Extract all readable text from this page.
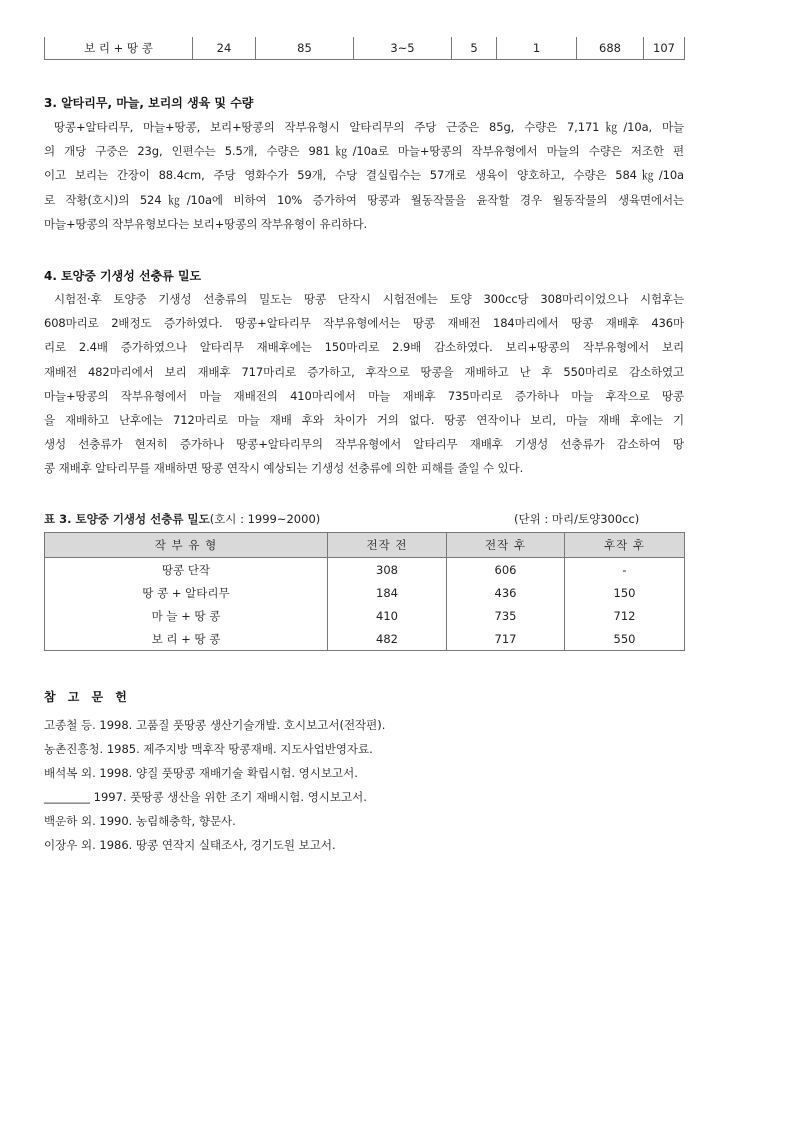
보 리 + 땅 콩	24	85	3~5	5	1	688	107
3. 알타리무, 마늘, 보리의 생육 및 수량
땅콩+알타리무, 마늘+땅콩, 보리+땅콩의 작부유형시 알타리무의 주당 근중은 85g, 수량은 7,171㎏/10a, 마늘
의 개당 구중은 23g, 인편수는 5.5개, 수량은 981㎏/10a로 마늘+땅콩의 작부유형에서 마늘의 수량은 저조한 편
이고 보리는 간장이 88.4cm, 주당 영화수가 59개, 수당 결실립수는 57개로 생육이 양호하고, 수량은 584㎏/10a
로 작황(호시)의 524㎏/10a에 비하여 10% 증가하여 땅콩과 월동작물을 윤작할 경우 월동작물의 생육면에서는
마늘+땅콩의 작부유형보다는 보리+땅콩의 작부유형이 유리하다.
4. 토양중 기생성 선충류 밀도
시험전·후 토양중 기생성 선충류의 밀도는 땅콩 단작시 시험전에는 토양 300cc당 308마리이었으나 시험후는
608마리로 2배정도 증가하였다. 땅콩+알타리무 작부유형에서는 땅콩 재배전 184마리에서 땅콩 재배후 436마
리로 2.4배 증가하였으나 알타리무 재배후에는 150마리로 2.9배 감소하였다. 보리+땅콩의 작부유형에서 보리
재배전 482마리에서 보리 재배후 717마리로 증가하고, 후작으로 땅콩을 재배하고 난 후 550마리로 감소하였고
마늘+땅콩의 작부유형에서 마늘 재배전의 410마리에서 마늘 재배후 735마리로 증가하나 마늘 후작으로 땅콩
을 재배하고 난후에는 712마리로 마늘 재배 후와 차이가 거의 없다. 땅콩 연작이나 보리, 마늘 재배 후에는 기
생성 선충류가 현저히 증가하나 땅콩+알타리무의 작부유형에서 알타리무 재배후 기생성 선충류가 감소하여 땅
콩 재배후 알타리무를 재배하면 땅콩 연작시 예상되는 기생성 선충류에 의한 피해를 줄일 수 있다.
표 3. 토양중 기생성 선충류 밀도(호시 : 1999~2000)	(단위 : 마리/토양300cc)
작 부 유 형	전작 전	전작 후	후작 후
땅콩 단작	308	606	-
땅 콩 + 알타리무	184	436	150
마 늘 + 땅 콩	410	735	712
보 리 + 땅 콩	482	717	550
참 고 문 헌
고종철 등. 1998. 고품질 풋땅콩 생산기술개발. 호시보고서(전작편).
농촌진흥청. 1985. 제주지방 맥후작 땅콩재배. 지도사업반영자료.
배석복 외. 1998. 양질 풋땅콩 재배기술 확립시험. 영시보고서.
________ 1997. 풋땅콩 생산을 위한 조기 재배시험. 영시보고서.
백운하 외. 1990. 농림해충학, 향문사.
이장우 외. 1986. 땅콩 연작지 실태조사, 경기도원 보고서.
